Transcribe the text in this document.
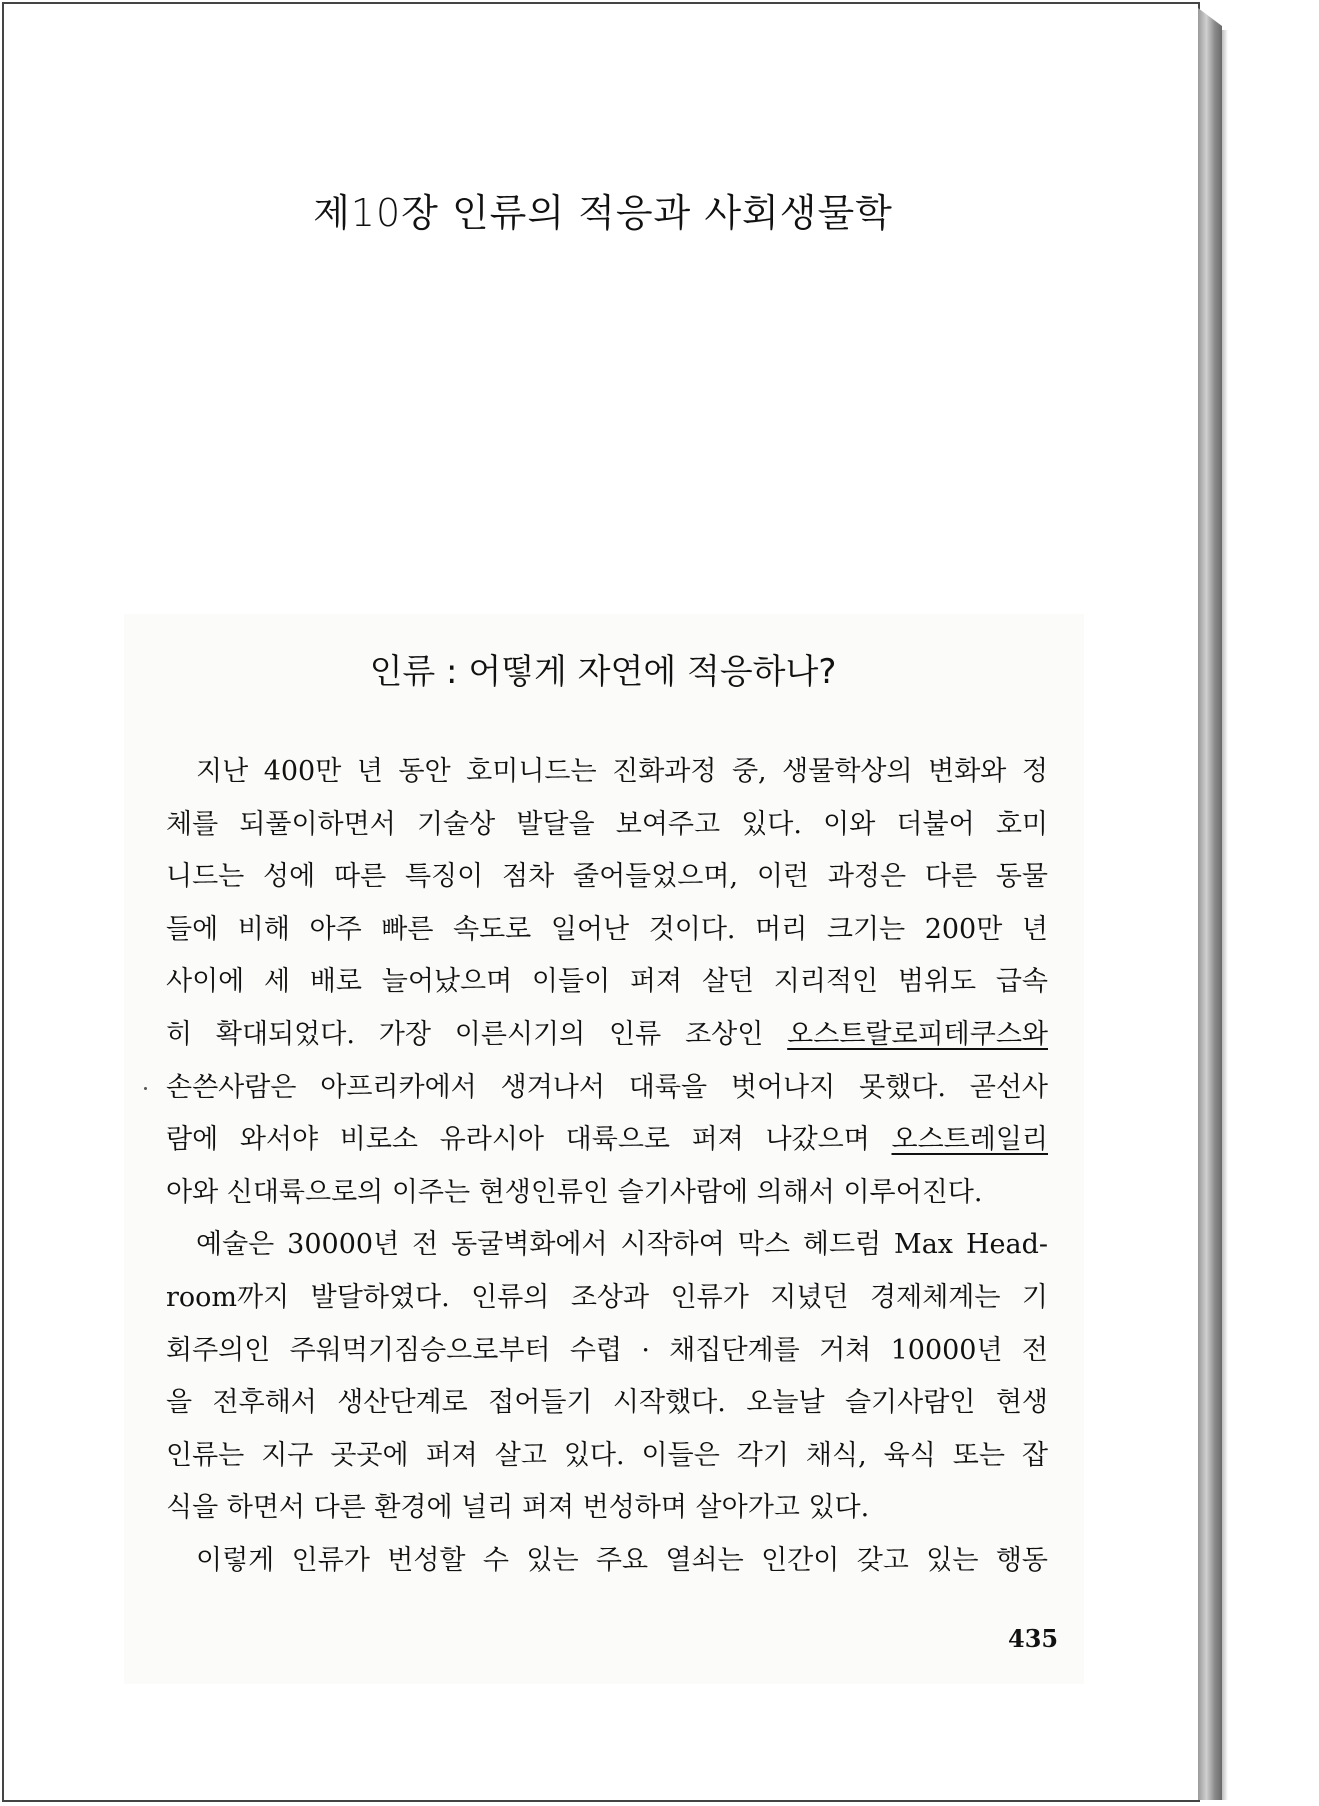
제10장 인류의 적응과 사회생물학
인류 : 어떻게 자연에 적응하나?
지난 400만 년 동안 호미니드는 진화과정 중, 생물학상의 변화와 정
체를 되풀이하면서 기술상 발달을 보여주고 있다. 이와 더불어 호미
니드는 성에 따른 특징이 점차 줄어들었으며, 이런 과정은 다른 동물
들에 비해 아주 빠른 속도로 일어난 것이다. 머리 크기는 200만 년
사이에 세 배로 늘어났으며 이들이 퍼져 살던 지리적인 범위도 급속
히 확대되었다. 가장 이른시기의 인류 조상인 오스트랄로피테쿠스와
손쓴사람은 아프리카에서 생겨나서 대륙을 벗어나지 못했다. 곧선사
람에 와서야 비로소 유라시아 대륙으로 퍼져 나갔으며 오스트레일리
아와 신대륙으로의 이주는 현생인류인 슬기사람에 의해서 이루어진다.
예술은 30000년 전 동굴벽화에서 시작하여 막스 헤드럼 Max Head-
room까지 발달하였다. 인류의 조상과 인류가 지녔던 경제체계는 기
회주의인 주워먹기짐승으로부터 수렵 · 채집단계를 거쳐 10000년 전
을 전후해서 생산단계로 접어들기 시작했다. 오늘날 슬기사람인 현생
인류는 지구 곳곳에 퍼져 살고 있다. 이들은 각기 채식, 육식 또는 잡
식을 하면서 다른 환경에 널리 퍼져 번성하며 살아가고 있다.
이렇게 인류가 번성할 수 있는 주요 열쇠는 인간이 갖고 있는 행동
435
